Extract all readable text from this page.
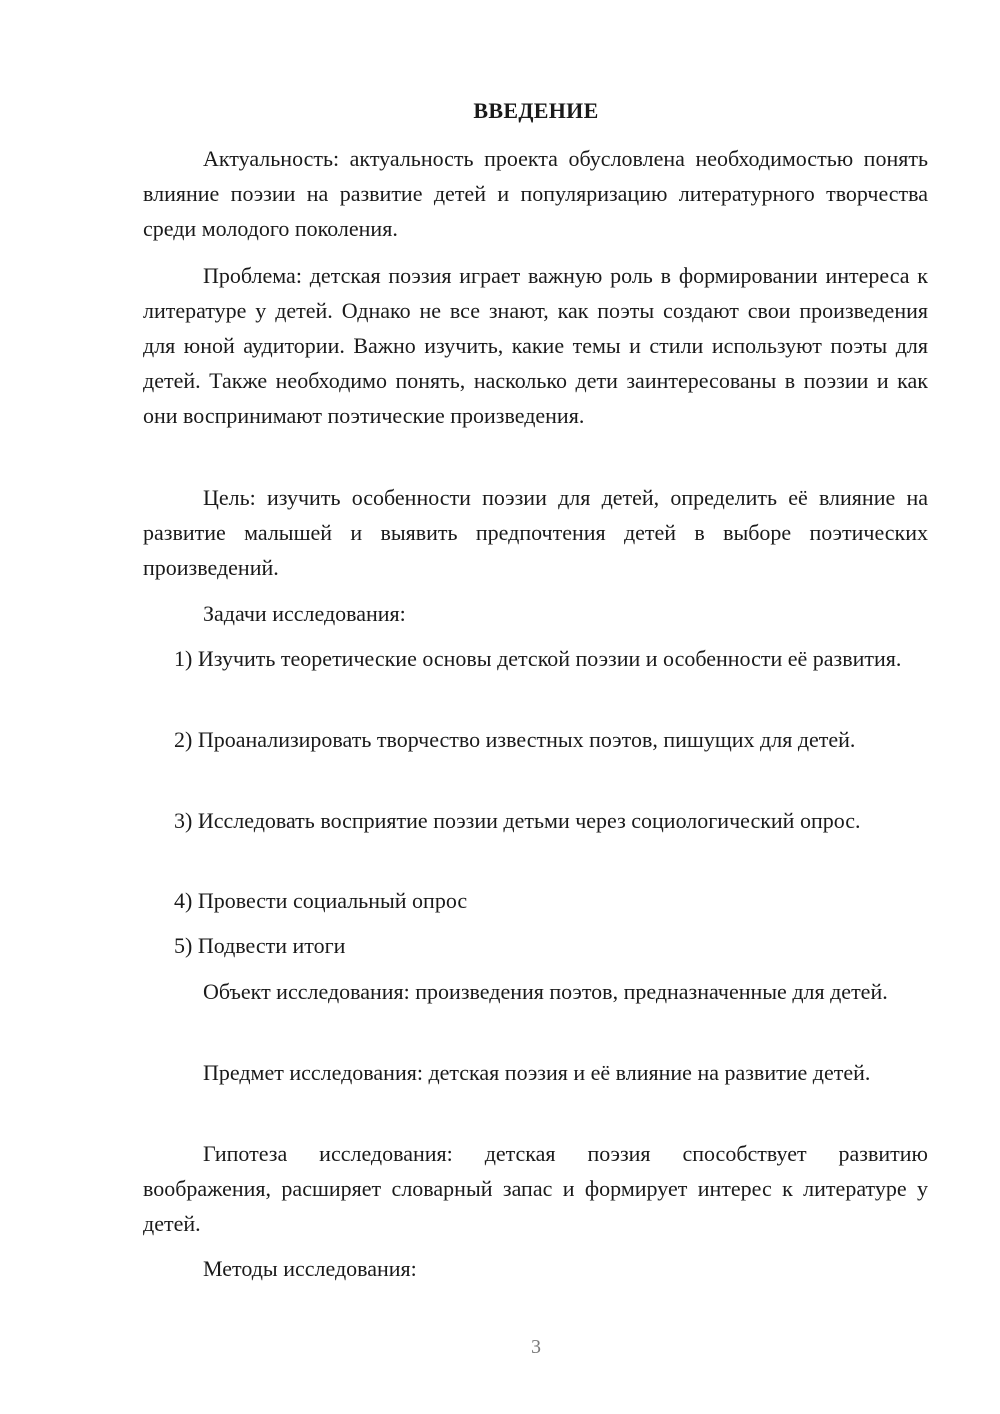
ВВЕДЕНИЕ

Актуальность: актуальность проекта обусловлена необходимостью понять влияние поэзии на развитие детей и популяризацию литературного творчества среди молодого поколения.

Проблема: детская поэзия играет важную роль в формировании интереса к литературе у детей. Однако не все знают, как поэты создают свои произведения для юной аудитории. Важно изучить, какие темы и стили используют поэты для детей. Также необходимо понять, насколько дети заинтересованы в поэзии и как они воспринимают поэтические произведения.

Цель: изучить особенности поэзии для детей, определить её влияние на развитие малышей и выявить предпочтения детей в выборе поэтических произведений.

Задачи исследования:

1) Изучить теоретические основы детской поэзии и особенности её развития.

2) Проанализировать творчество известных поэтов, пишущих для детей.

3) Исследовать восприятие поэзии детьми через социологический опрос.

4) Провести социальный опрос

5) Подвести итоги

Объект исследования: произведения поэтов, предназначенные для детей.

Предмет исследования: детская поэзия и её влияние на развитие детей.

Гипотеза исследования: детская поэзия способствует развитию воображения, расширяет словарный запас и формирует интерес к литературе у детей.

Методы исследования:

3
